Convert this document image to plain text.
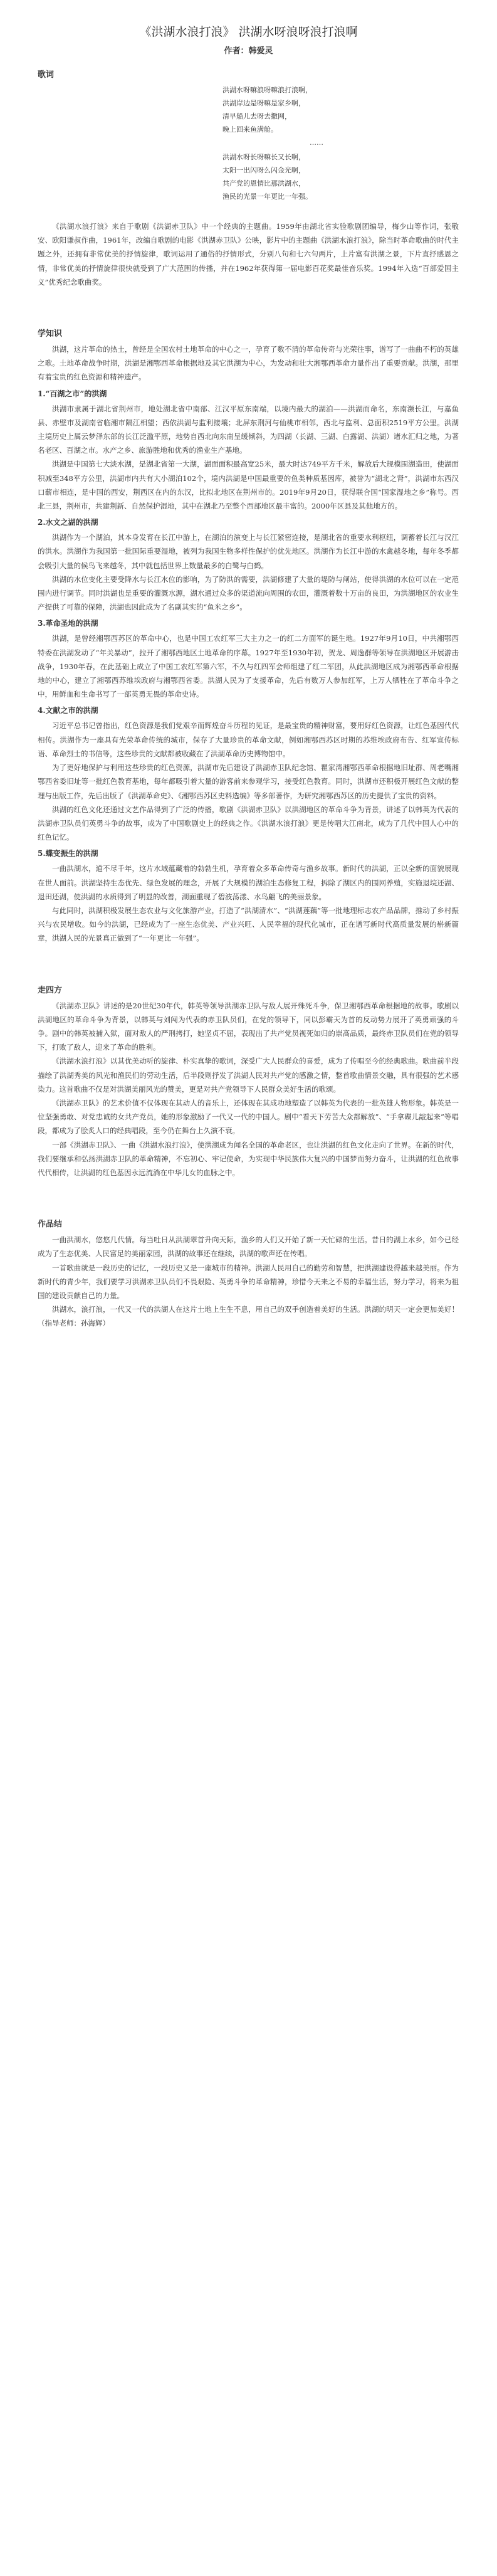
《洪湖水浪打浪》 洪湖水呀浪呀浪打浪啊
作者：韩爱灵
歌词

洪湖水呀嘛浪呀嘛浪打浪啊，

洪湖岸边是呀嘛是家乡啊，

清早船儿去呀去撒网，

晚上回来鱼满舱。

……

洪湖水呀长呀嘛长又长啊，

太阳一出闪呀么闪金光啊，

共产党的恩情比那洪湖水，

渔民的光景一年更比一年强。

《洪湖水浪打浪》来自于歌剧《洪湖赤卫队》中一个经典的主题曲。1959年由湖北省实验歌剧团编导，梅少山等作词，张敬安、欧阳谦叔作曲，1961年，改编自歌剧的电影《洪湖赤卫队》公映，影片中的主题曲《洪湖水浪打浪》，除当时革命歌曲的时代主题之外，还拥有非常优美的抒情旋律，歌词运用了通俗的抒情形式，分别八句和七六句两片，上片富有洪湖之景，下片直抒感恩之情，非常优美的抒情旋律很快就受到了广大范围的传播，并在1962年获得第一届电影百花奖最佳音乐奖。1994年入选“百部爱国主义”优秀纪念歌曲奖。

学知识

洪湖，这片革命的热土，曾经是全国农村土地革命的中心之一，孕育了数不清的革命传奇与光荣往事，谱写了一曲曲不朽的英雄之歌。土地革命战争时期，洪湖是湘鄂西革命根据地及其它洪湖为中心，为发动和壮大湘鄂西革命力量作出了重要贡献。洪湖，那里有着宝贵的红色资源和精神遗产。

1.“百湖之市”的洪湖

洪湖市隶属于湖北省荆州市，地处湖北省中南部、江汉平原东南端，以境内最大的湖泊——洪湖而命名，东南濒长江，与嘉鱼县、赤壁市及湖南省临湘市隔江相望；西依洪湖与监利接壤；北屏东荆河与仙桃市相邻，西北与监利、总面积2519平方公里。洪湖主境历史上属云梦泽东部的长江泛滥平原，地势自西北向东南呈缓倾斜，为四湖（长湖、三湖、白露湖、洪湖）诸水汇归之地，为著名老区、百湖之市。水产之乡、旅游胜地和优秀的渔业生产基地。

洪湖是中国第七大淡水湖，是湖北省第一大湖，湖面面积最高宽25米，最大时达749平方千米，解放后大规模围湖造田，使湖面积减至348平方公里，洪湖市内共有大小湖泊102个，境内洪湖是中国最重要的鱼类种质基因库，被誉为“湖北之肾”，洪湖市东西汉口蕲市相连，是中国的西安，荆西区在内的东汉，比拟北地区在荆州市的。2019年9月20日，获得联合国“国家湿地之乡”称号。西北三县，荆州市，共建荆新、自然保护湿地，其中在湖北乃至整个西部地区最丰富的。2000年区县及其他地方的。

2.水文之湖的洪湖

洪湖作为一个湖泊，其本身发育在长江中游上，在湖泊的演变上与长江紧密连接，是湖北省的重要水利枢纽，调蓄着长江与汉江的洪水。洪湖作为我国第一批国际重要湿地，被列为我国生物多样性保护的优先地区。洪湖作为长江中游的水禽越冬地，每年冬季都会吸引大量的候鸟飞来越冬，其中就包括世界上数量最多的白鹭与白鹤。

洪湖的水位变化主要受降水与长江水位的影响，为了防洪的需要，洪湖修建了大量的堤防与闸站，使得洪湖的水位可以在一定范围内进行调节。同时洪湖也是重要的灌溉水源，湖水通过众多的渠道流向周围的农田，灌溉着数十万亩的良田，为洪湖地区的农业生产提供了可靠的保障，洪湖也因此成为了名副其实的“鱼米之乡”。

3.革命圣地的洪湖

洪湖，是曾经湘鄂西苏区的革命中心，也是中国工农红军三大主力之一的红二方面军的诞生地。1927年9月10日，中共湘鄂西特委在洪湖发动了“年关暴动”，拉开了湘鄂西地区土地革命的序幕。1927年至1930年初，贺龙、周逸群等领导在洪湖地区开展游击战争，1930年春，在此基础上成立了中国工农红军第六军，不久与红四军会师组建了红二军团，从此洪湖地区成为湘鄂西革命根据地的中心，建立了湘鄂西苏维埃政府与湘鄂西省委。洪湖人民为了支援革命，先后有数万人参加红军，上万人牺牲在了革命斗争之中，用鲜血和生命书写了一部英勇无畏的革命史诗。

4.文献之市的洪湖

习近平总书记曾指出，红色资源是我们党艰辛而辉煌奋斗历程的见证，是最宝贵的精神财富，要用好红色资源，让红色基因代代相传。洪湖作为一座具有光荣革命传统的城市，保存了大量珍贵的革命文献，例如湘鄂西苏区时期的苏维埃政府布告、红军宣传标语、革命烈士的书信等，这些珍贵的文献都被收藏在了洪湖革命历史博物馆中。

为了更好地保护与利用这些珍贵的红色资源，洪湖市先后建设了洪湖赤卫队纪念馆、瞿家湾湘鄂西革命根据地旧址群、周老嘴湘鄂西省委旧址等一批红色教育基地，每年都吸引着大量的游客前来参观学习，接受红色教育。同时，洪湖市还积极开展红色文献的整理与出版工作，先后出版了《洪湖革命史》、《湘鄂西苏区史料选编》等多部著作，为研究湘鄂西苏区的历史提供了宝贵的资料。

洪湖的红色文化还通过文艺作品得到了广泛的传播，歌剧《洪湖赤卫队》以洪湖地区的革命斗争为背景，讲述了以韩英为代表的洪湖赤卫队员们英勇斗争的故事，成为了中国歌剧史上的经典之作。《洪湖水浪打浪》更是传唱大江南北，成为了几代中国人心中的红色记忆。

5.蝶变振生的洪湖

一曲洪湖水，道不尽千年，这片水域蕴藏着的勃勃生机，孕育着众多革命传奇与渔乡故事。新时代的洪湖，正以全新的面貌展现在世人面前。洪湖坚持生态优先、绿色发展的理念，开展了大规模的湖泊生态修复工程，拆除了湖区内的围网养殖，实施退垸还湖、退田还湖，使洪湖的水质得到了明显的改善，湖面重现了碧波荡漾、水鸟翩飞的美丽景象。

与此同时，洪湖积极发展生态农业与文化旅游产业，打造了“洪湖清水”、“洪湖莲藕”等一批地理标志农产品品牌，推动了乡村振兴与农民增收。如今的洪湖，已经成为了一座生态优美、产业兴旺、人民幸福的现代化城市，正在谱写新时代高质量发展的崭新篇章，洪湖人民的光景真正做到了“一年更比一年强”。

走四方

《洪湖赤卫队》讲述的是20世纪30年代，韩英等领导洪湖赤卫队与敌人展开殊死斗争，保卫湘鄂西革命根据地的故事。歌剧以洪湖地区的革命斗争为背景，以韩英与刘闯为代表的赤卫队员们，在党的领导下，同以彭霸天为首的反动势力展开了英勇顽强的斗争。剧中的韩英被捕入狱，面对敌人的严刑拷打，她坚贞不屈，表现出了共产党员视死如归的崇高品质，最终赤卫队员们在党的领导下，打败了敌人，迎来了革命的胜利。

《洪湖水浪打浪》以其优美动听的旋律、朴实真挚的歌词，深受广大人民群众的喜爱，成为了传唱至今的经典歌曲。歌曲前半段描绘了洪湖秀美的风光和渔民们的劳动生活，后半段则抒发了洪湖人民对共产党的感激之情，整首歌曲情景交融，具有很强的艺术感染力。这首歌曲不仅是对洪湖美丽风光的赞美，更是对共产党领导下人民群众美好生活的歌颂。

《洪湖赤卫队》的艺术价值不仅体现在其动人的音乐上，还体现在其成功地塑造了以韩英为代表的一批英雄人物形象。韩英是一位坚强勇敢、对党忠诚的女共产党员，她的形象激励了一代又一代的中国人。剧中“看天下劳苦大众都解放”、“手拿碟儿敲起来”等唱段，都成为了脍炙人口的经典唱段，至今仍在舞台上久演不衰。

一部《洪湖赤卫队》、一曲《洪湖水浪打浪》，使洪湖成为闻名全国的革命老区，也让洪湖的红色文化走向了世界。在新的时代，我们要继承和弘扬洪湖赤卫队的革命精神，不忘初心、牢记使命，为实现中华民族伟大复兴的中国梦而努力奋斗，让洪湖的红色故事代代相传，让洪湖的红色基因永远流淌在中华儿女的血脉之中。

作品结

一曲洪湖水，悠悠几代情。每当吐日从洪湖翠首升向天际，渔乡的人们又开始了新一天忙碌的生活。昔日的湖上水乡，如今已经成为了生态优美、人民富足的美丽家园，洪湖的故事还在继续，洪湖的歌声还在传唱。

一首歌曲就是一段历史的记忆，一段历史又是一座城市的精神。洪湖人民用自己的勤劳和智慧，把洪湖建设得越来越美丽。作为新时代的青少年，我们要学习洪湖赤卫队员们不畏艰险、英勇斗争的革命精神，珍惜今天来之不易的幸福生活，努力学习，将来为祖国的建设贡献自己的力量。

洪湖水，浪打浪，一代又一代的洪湖人在这片土地上生生不息，用自己的双手创造着美好的生活。洪湖的明天一定会更加美好！（指导老师：孙海辉）
